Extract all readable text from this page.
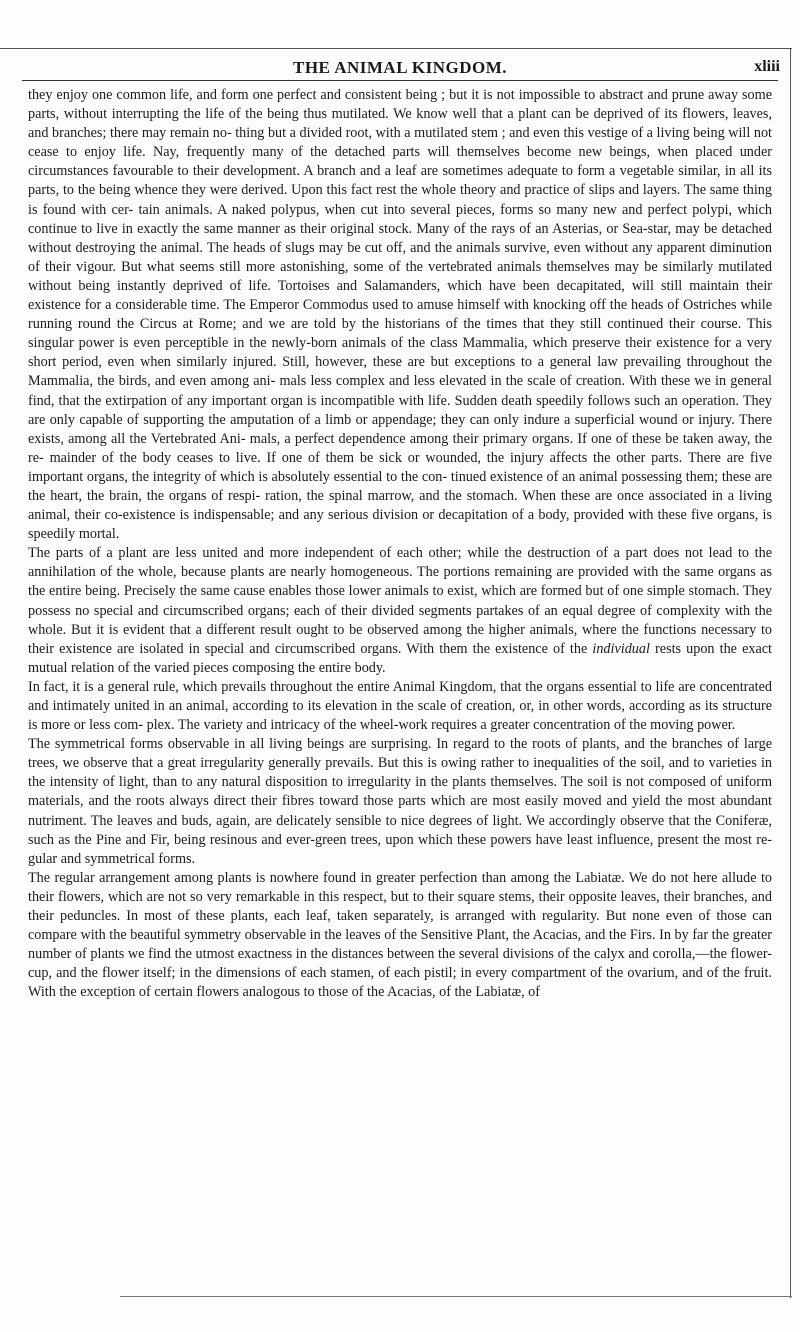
THE ANIMAL KINGDOM.	xliii

they enjoy one common life, and form one perfect and consistent being ; but it is not impossible to abstract and prune away some parts, without interrupting the life of the being thus mutilated. We know well that a plant can be deprived of its flowers, leaves, and branches; there may remain no- thing but a divided root, with a mutilated stem ; and even this vestige of a living being will not cease to enjoy life. Nay, frequently many of the detached parts will themselves become new beings, when placed under circumstances favourable to their development. A branch and a leaf are sometimes adequate to form a vegetable similar, in all its parts, to the being whence they were derived. Upon this fact rest the whole theory and practice of slips and layers. The same thing is found with cer- tain animals. A naked polypus, when cut into several pieces, forms so many new and perfect polypi, which continue to live in exactly the same manner as their original stock. Many of the rays of an Asterias, or Sea-star, may be detached without destroying the animal. The heads of slugs may be cut off, and the animals survive, even without any apparent diminution of their vigour. But what seems still more astonishing, some of the vertebrated animals themselves may be similarly mutilated without being instantly deprived of life. Tortoises and Salamanders, which have been decapitated, will still maintain their existence for a considerable time. The Emperor Commodus used to amuse himself with knocking off the heads of Ostriches while running round the Circus at Rome; and we are told by the historians of the times that they still continued their course. This singular power is even perceptible in the newly-born animals of the class Mammalia, which preserve their existence for a very short period, even when similarly injured. Still, however, these are but exceptions to a general law prevailing throughout the Mammalia, the birds, and even among ani- mals less complex and less elevated in the scale of creation. With these we in general find, that the extirpation of any important organ is incompatible with life. Sudden death speedily follows such an operation. They are only capable of supporting the amputation of a limb or appendage; they can only indure a superficial wound or injury. There exists, among all the Vertebrated Ani- mals, a perfect dependence among their primary organs. If one of these be taken away, the re- mainder of the body ceases to live. If one of them be sick or wounded, the injury affects the other parts. There are five important organs, the integrity of which is absolutely essential to the con- tinued existence of an animal possessing them; these are the heart, the brain, the organs of respi- ration, the spinal marrow, and the stomach. When these are once associated in a living animal, their co-existence is indispensable; and any serious division or decapitation of a body, provided with these five organs, is speedily mortal.

The parts of a plant are less united and more independent of each other; while the destruction of a part does not lead to the annihilation of the whole, because plants are nearly homogeneous. The portions remaining are provided with the same organs as the entire being. Precisely the same cause enables those lower animals to exist, which are formed but of one simple stomach. They possess no special and circumscribed organs; each of their divided segments partakes of an equal degree of complexity with the whole. But it is evident that a different result ought to be observed among the higher animals, where the functions necessary to their existence are isolated in special and circumscribed organs. With them the existence of the individual rests upon the exact mutual relation of the varied pieces composing the entire body.

In fact, it is a general rule, which prevails throughout the entire Animal Kingdom, that the organs essential to life are concentrated and intimately united in an animal, according to its elevation in the scale of creation, or, in other words, according as its structure is more or less com- plex. The variety and intricacy of the wheel-work requires a greater concentration of the moving power.

The symmetrical forms observable in all living beings are surprising. In regard to the roots of plants, and the branches of large trees, we observe that a great irregularity generally prevails. But this is owing rather to inequalities of the soil, and to varieties in the intensity of light, than to any natural disposition to irregularity in the plants themselves. The soil is not composed of uniform materials, and the roots always direct their fibres toward those parts which are most easily moved and yield the most abundant nutriment. The leaves and buds, again, are delicately sensible to nice degrees of light. We accordingly observe that the Coniferæ, such as the Pine and Fir, being resinous and ever-green trees, upon which these powers have least influence, present the most re- gular and symmetrical forms.

The regular arrangement among plants is nowhere found in greater perfection than among the Labiatæ. We do not here allude to their flowers, which are not so very remarkable in this respect, but to their square stems, their opposite leaves, their branches, and their peduncles. In most of these plants, each leaf, taken separately, is arranged with regularity. But none even of those can compare with the beautiful symmetry observable in the leaves of the Sensitive Plant, the Acacias, and the Firs. In by far the greater number of plants we find the utmost exactness in the distances between the several divisions of the calyx and corolla,—the flower-cup, and the flower itself; in the dimensions of each stamen, of each pistil; in every compartment of the ovarium, and of the fruit. With the exception of certain flowers analogous to those of the Acacias, of the Labiatæ, of
